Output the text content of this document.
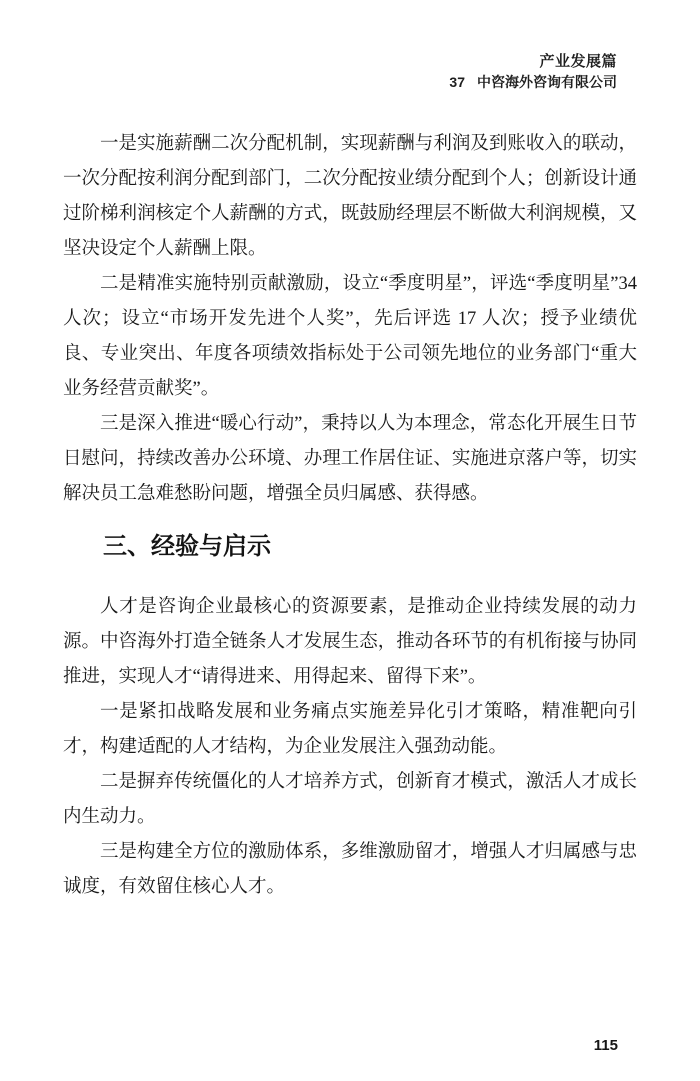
产业发展篇
37 中咨海外咨询有限公司

一是实施薪酬二次分配机制，实现薪酬与利润及到账收入的联动，一次分配按利润分配到部门，二次分配按业绩分配到个人；创新设计通过阶梯利润核定个人薪酬的方式，既鼓励经理层不断做大利润规模，又坚决设定个人薪酬上限。

二是精准实施特别贡献激励，设立“季度明星”，评选“季度明星”34 人次；设立“市场开发先进个人奖”，先后评选 17 人次；授予业绩优良、专业突出、年度各项绩效指标处于公司领先地位的业务部门“重大业务经营贡献奖”。

三是深入推进“暖心行动”，秉持以人为本理念，常态化开展生日节日慰问，持续改善办公环境、办理工作居住证、实施进京落户等，切实解决员工急难愁盼问题，增强全员归属感、获得感。

三、经验与启示

人才是咨询企业最核心的资源要素，是推动企业持续发展的动力源。中咨海外打造全链条人才发展生态，推动各环节的有机衔接与协同推进，实现人才“请得进来、用得起来、留得下来”。

一是紧扣战略发展和业务痛点实施差异化引才策略，精准靶向引才，构建适配的人才结构，为企业发展注入强劲动能。

二是摒弃传统僵化的人才培养方式，创新育才模式，激活人才成长内生动力。

三是构建全方位的激励体系，多维激励留才，增强人才归属感与忠诚度，有效留住核心人才。

115
